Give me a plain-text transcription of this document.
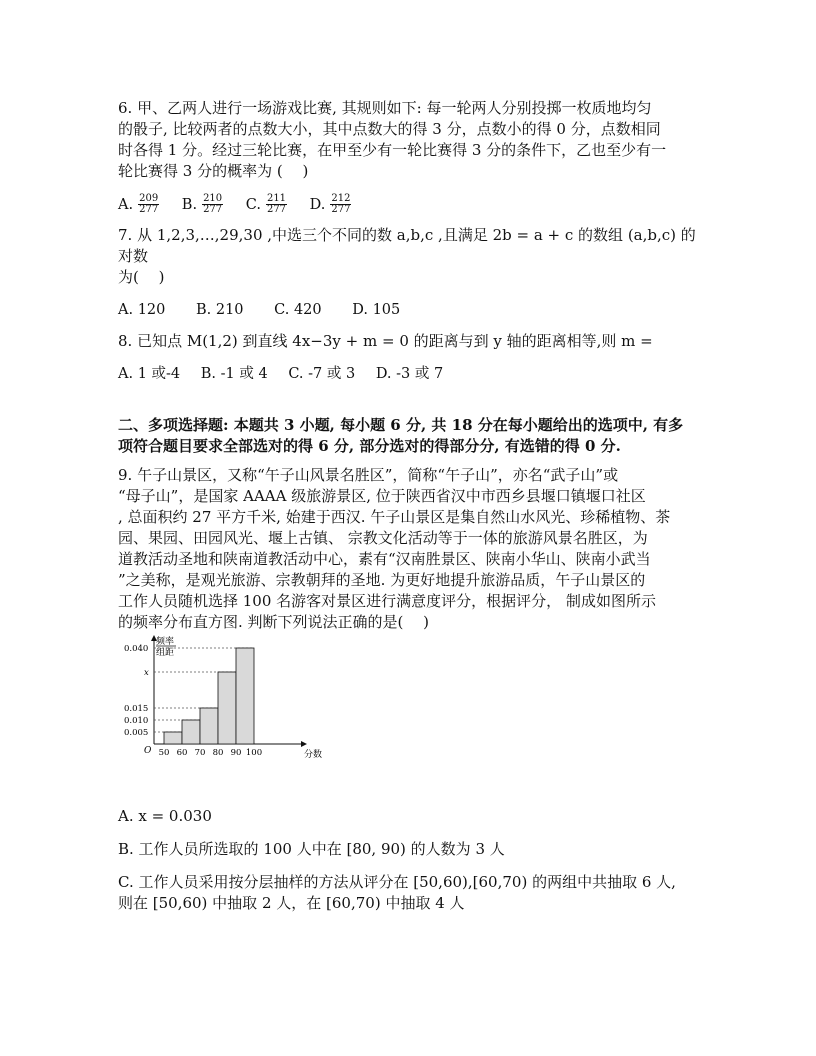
6. 甲、乙两人进行一场游戏比赛, 其规则如下: 每一轮两人分别投掷一枚质地均匀

的骰子, 比较两者的点数大小，其中点数大的得 3 分，点数小的得 0 分，点数相同

时各得 1 分。经过三轮比赛，在甲至少有一轮比赛得 3 分的条件下，乙也至少有一

轮比赛得 3 分的概率为 (　 )

A. $\frac{209}{277} B$. $\frac{210}{277} C$. $\frac{211}{277} D$. $\frac{212}{277}$

7. 从 1,2,3,…,29,30 ,中选三个不同的数 a,b,c ,且满足 2b = a + c 的数组 (a,b,c) 的对数

为(　 )

A. 120 B. 210 C. 420 D. 105

8. 已知点 M(1,2) 到直线 4x−3y + m = 0 的距离与到 y 轴的距离相等,则 m =

A. 1 或-4 B. -1 或 4 C. -7 或 3 D. -3 或 7

二、多项选择题: 本题共 3 小题, 每小题 6 分, 共 18 分在每小题给出的选项中, 有多

项符合题目要求全部选对的得 6 分, 部分选对的得部分分, 有选错的得 0 分.

9. 午子山景区，又称“午子山风景名胜区”，简称“午子山”，亦名“武子山”或

“母子山”，是国家 AAAA 级旅游景区, 位于陕西省汉中市西乡县堰口镇堰口社区

, 总面积约 27 平方千米, 始建于西汉. 午子山景区是集自然山水风光、珍稀植物、茶

园、果园、田园风光、堰上古镇、 宗教文化活动等于一体的旅游风景名胜区，为

道教活动圣地和陕南道教活动中心，素有“汉南胜景区、陕南小华山、陕南小武当

”之美称，是观光旅游、宗教朝拜的圣地. 为更好地提升旅游品质，午子山景区的

工作人员随机选择 100 名游客对景区进行满意度评分，根据评分， 制成如图所示

的频率分布直方图. 判断下列说法正确的是(　 )

频率
组距
O
0.005
0.010
0.015
x
0.040
50 60 70 80 90 100	分数

A. x = 0.030

B. 工作人员所选取的 100 人中在 [80, 90) 的人数为 3 人

C. 工作人员采用按分层抽样的方法从评分在 [50,60),[60,70) 的两组中共抽取 6 人,

则在 [50,60) 中抽取 2 人，在 [60,70) 中抽取 4 人
